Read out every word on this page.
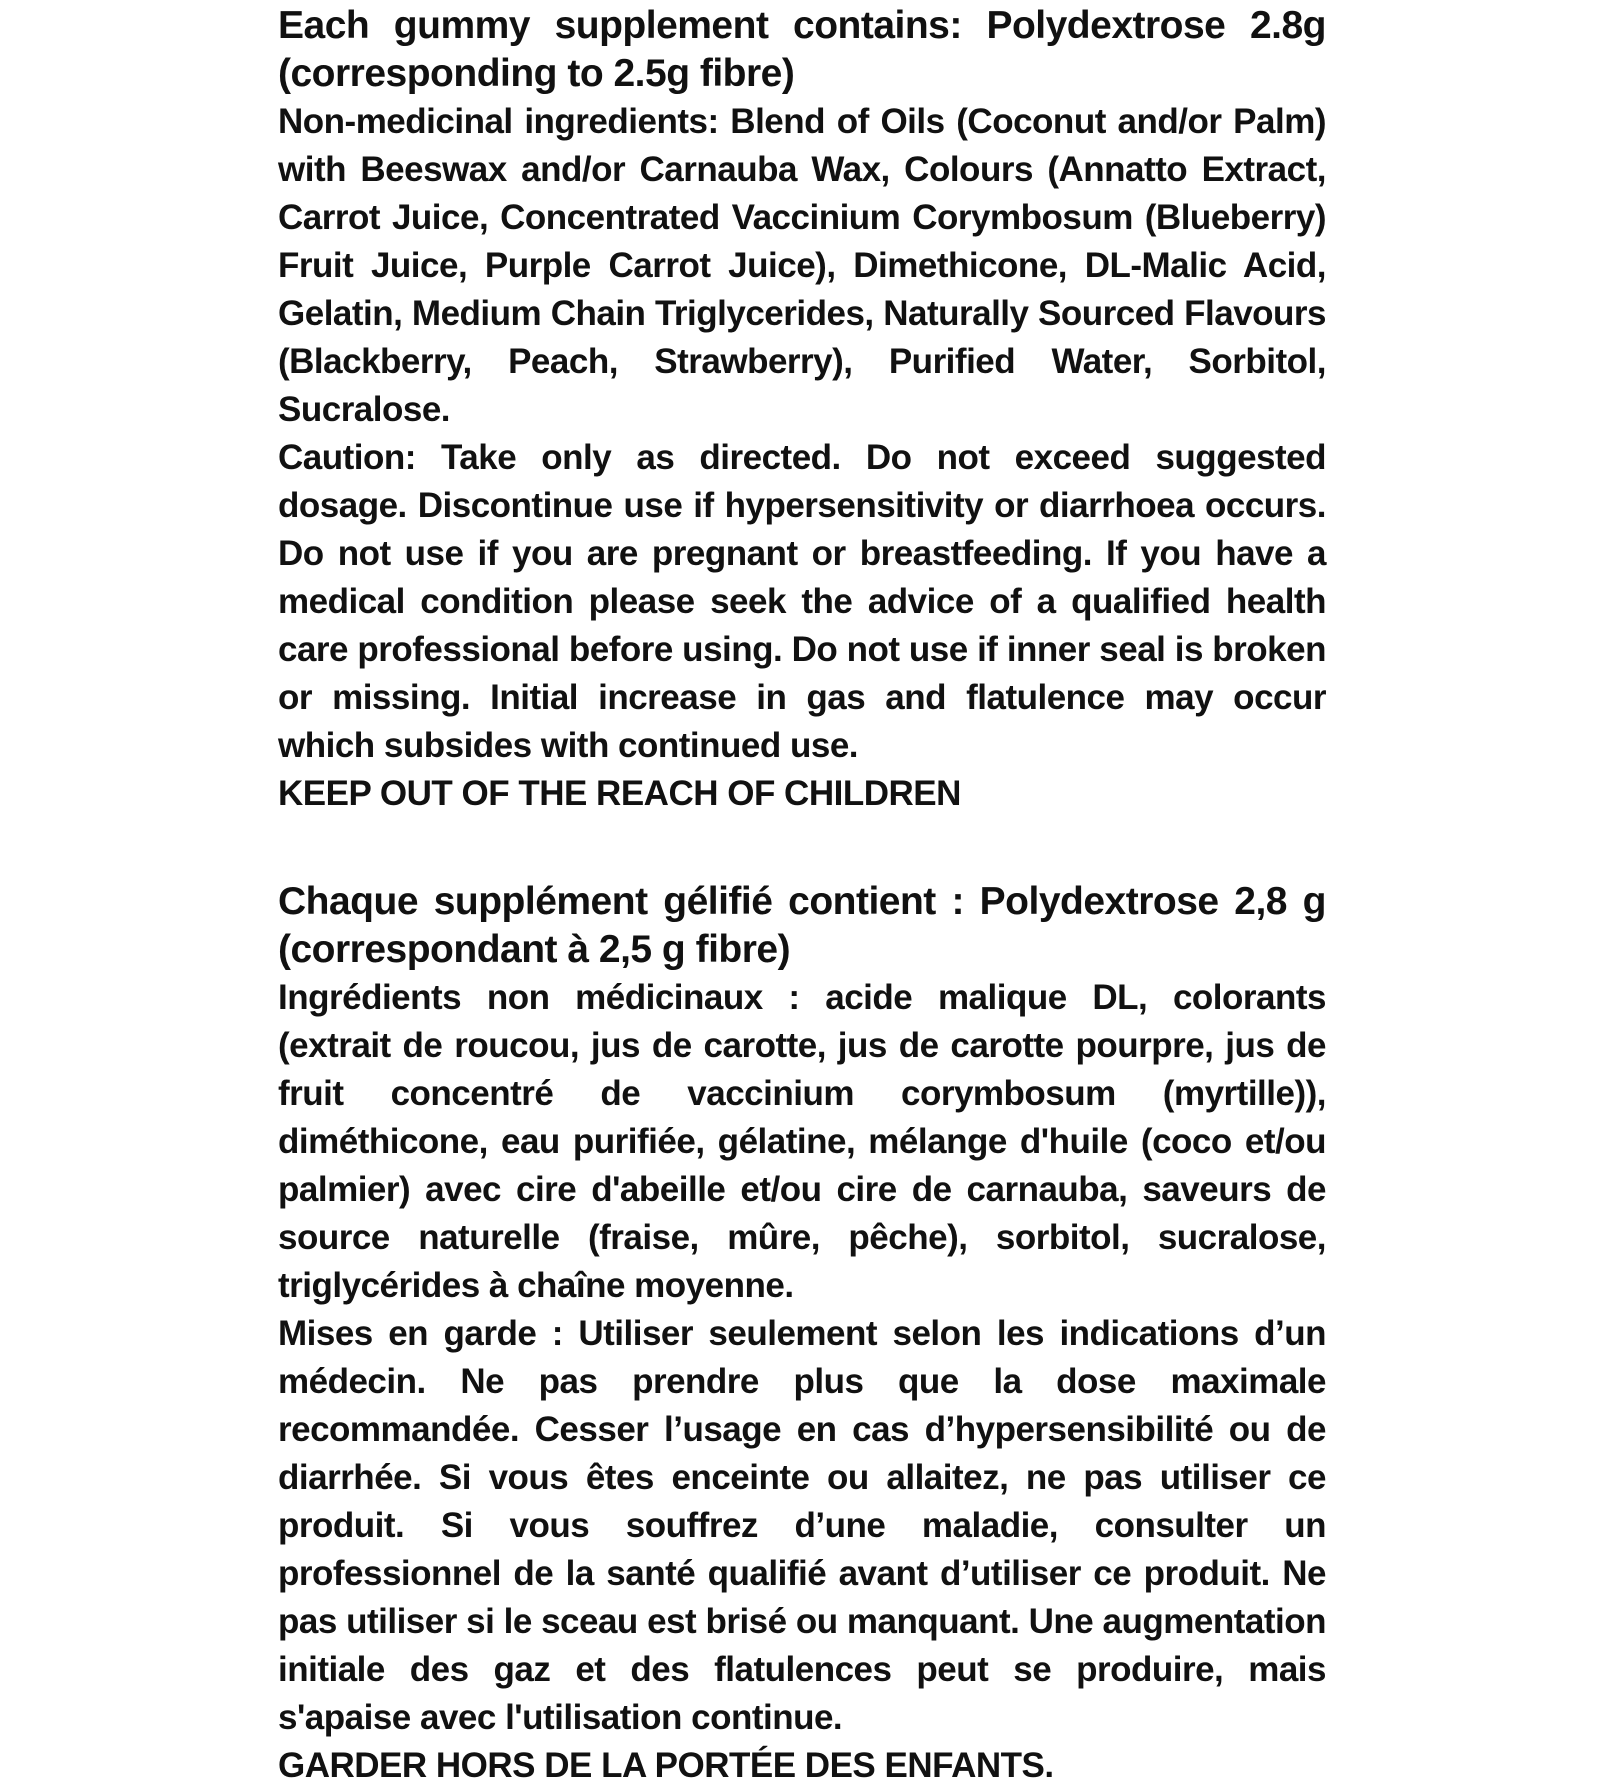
Each gummy supplement contains: Polydextrose 2.8g (corresponding to 2.5g fibre)

Non-medicinal ingredients: Blend of Oils (Coconut and/or Palm) with Beeswax and/or Carnauba Wax, Colours (Annatto Extract, Carrot Juice, Concentrated Vaccinium Corymbosum (Blueberry) Fruit Juice, Purple Carrot Juice), Dimethicone, DL-Malic Acid, Gelatin, Medium Chain Triglycerides, Naturally Sourced Flavours (Blackberry, Peach, Strawberry), Purified Water, Sorbitol, Sucralose.

Caution: Take only as directed. Do not exceed suggested dosage. Discontinue use if hypersensitivity or diarrhoea occurs. Do not use if you are pregnant or breastfeeding. If you have a medical condition please seek the advice of a qualified health care professional before using. Do not use if inner seal is broken or missing. Initial increase in gas and flatulence may occur which subsides with continued use.

KEEP OUT OF THE REACH OF CHILDREN

Chaque supplément gélifié contient : Polydextrose 2,8 g (correspondant à 2,5 g fibre)

Ingrédients non médicinaux : acide malique DL, colorants (extrait de roucou, jus de carotte, jus de carotte pourpre, jus de fruit concentré de vaccinium corymbosum (myrtille)), diméthicone, eau purifiée, gélatine, mélange d'huile (coco et/ou palmier) avec cire d'abeille et/ou cire de carnauba, saveurs de source naturelle (fraise, mûre, pêche), sorbitol, sucralose, triglycérides à chaîne moyenne.

Mises en garde : Utiliser seulement selon les indications d’un médecin. Ne pas prendre plus que la dose maximale recommandée. Cesser l’usage en cas d’hypersensibilité ou de diarrhée. Si vous êtes enceinte ou allaitez, ne pas utiliser ce produit. Si vous souffrez d’une maladie, consulter un professionnel de la santé qualifié avant d’utiliser ce produit. Ne pas utiliser si le sceau est brisé ou manquant. Une augmentation initiale des gaz et des flatulences peut se produire, mais s'apaise avec l'utilisation continue.

GARDER HORS DE LA PORTÉE DES ENFANTS.
